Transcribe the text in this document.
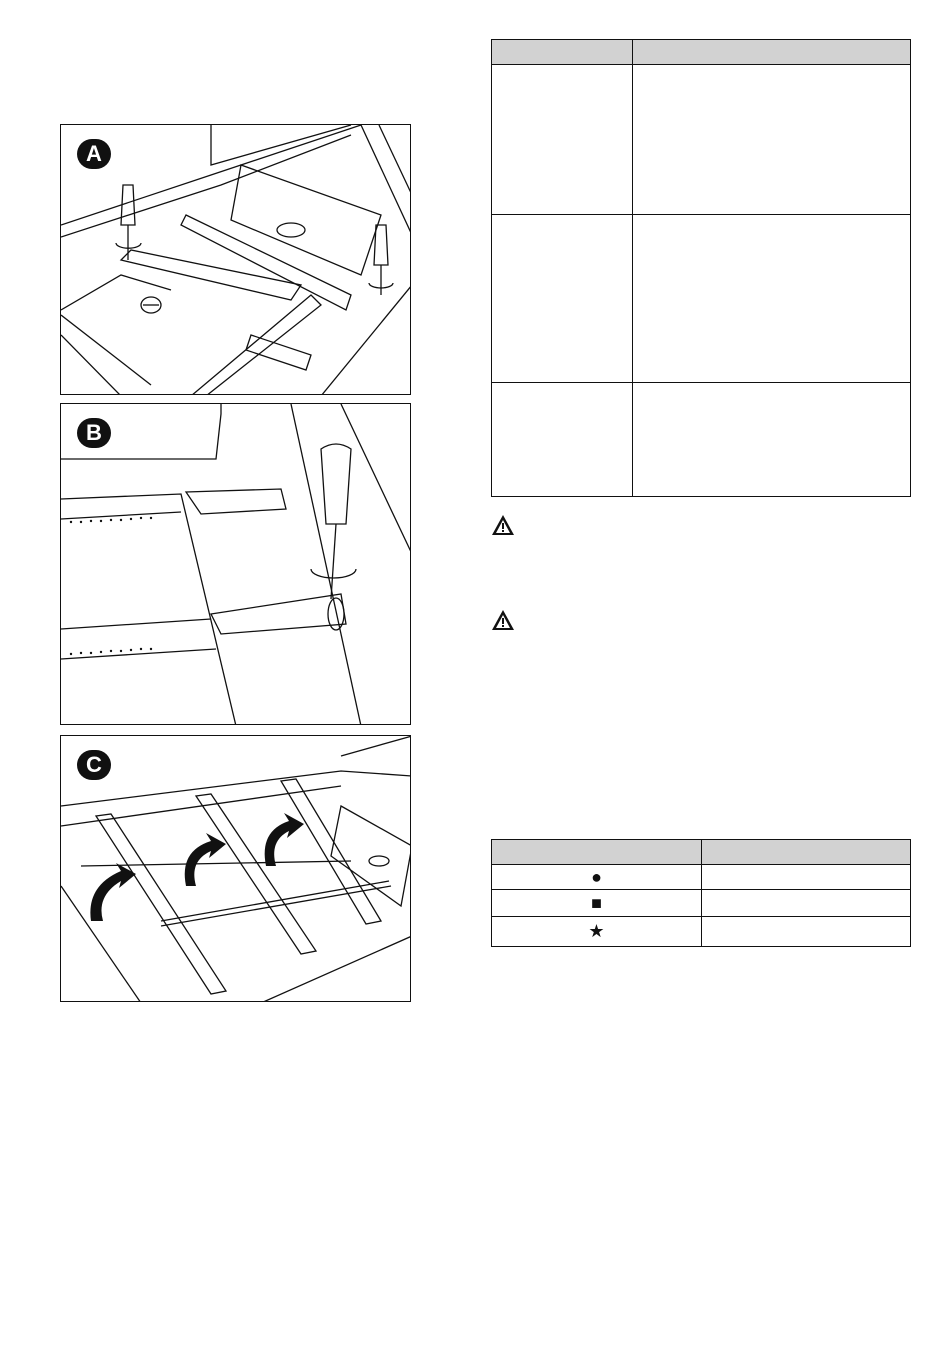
A
B
C

●	
■	
★	
